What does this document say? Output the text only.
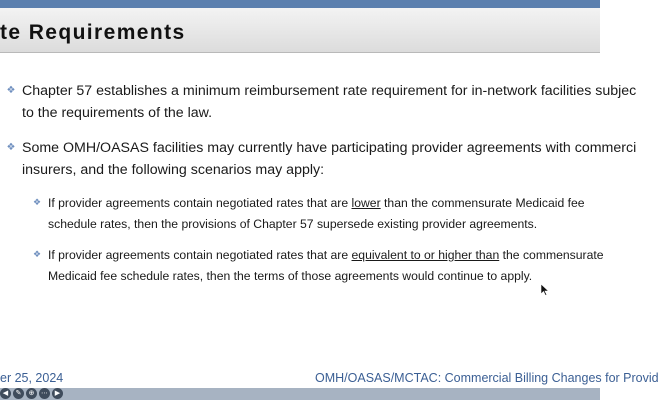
te Requirements
❖ Chapter 57 establishes a minimum reimbursement rate requirement for in-network facilities subjec
to the requirements of the law.
❖ Some OMH/OASAS facilities may currently have participating provider agreements with commerci
insurers, and the following scenarios may apply:
❖ If provider agreements contain negotiated rates that are lower than the commensurate Medicaid fee
schedule rates, then the provisions of Chapter 57 supersede existing provider agreements.
❖ If provider agreements contain negotiated rates that are equivalent to or higher than the commensurate
Medicaid fee schedule rates, then the terms of those agreements would continue to apply.
er 25, 2024	OMH/OASAS/MCTAC: Commercial Billing Changes for Provid
◀	✎	⊕ ⋯ ▶
